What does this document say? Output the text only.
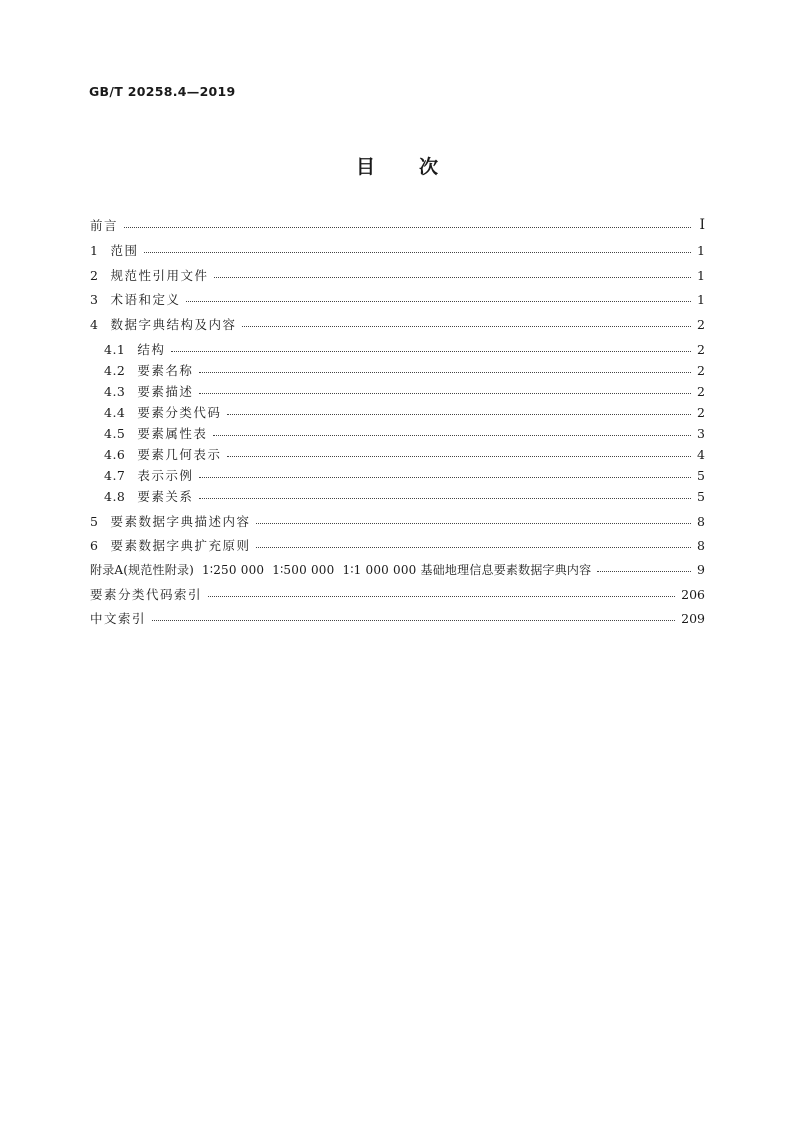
GB/T 20258.4—2019
目次
前言	I
1 范围	1
2 规范性引用文件	1
3 术语和定义	1
4 数据字典结构及内容	2
4.1 结构	2
4.2 要素名称	2
4.3 要素描述	2
4.4 要素分类代码	2
4.5 要素属性表	3
4.6 要素几何表示	4
4.7 表示示例	5
4.8 要素关系	5
5 要素数据字典描述内容	8
6 要素数据字典扩充原则	8
附录A(规范性附录)  1∶250 000  1∶500 000  1∶1 000 000 基础地理信息要素数据字典内容	9
要素分类代码索引	206
中文索引	209
